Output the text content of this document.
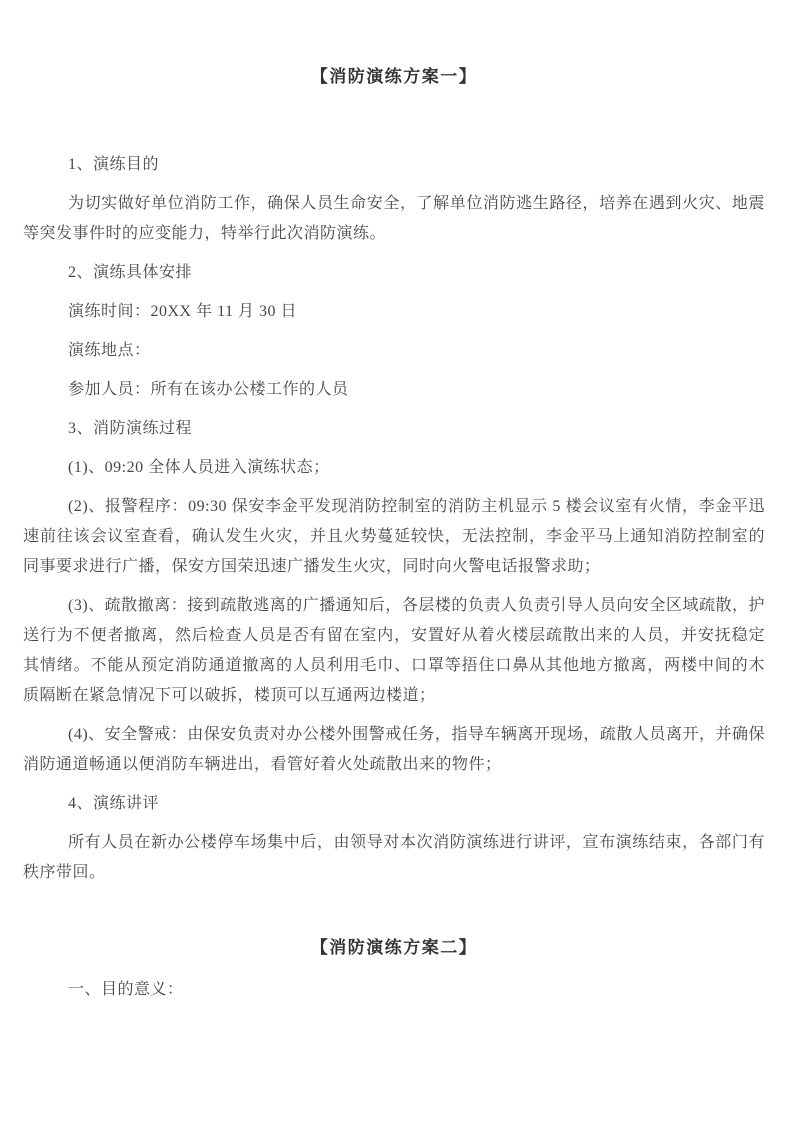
【消防演练方案一】

1、演练目的

为切实做好单位消防工作，确保人员生命安全，了解单位消防逃生路径，培养在遇到火灾、地震等突发事件时的应变能力，特举行此次消防演练。

2、演练具体安排

演练时间：20XX 年 11 月 30 日

演练地点：

参加人员：所有在该办公楼工作的人员

3、消防演练过程

(1)、09:20 全体人员进入演练状态；

(2)、报警程序：09:30 保安李金平发现消防控制室的消防主机显示 5 楼会议室有火情，李金平迅速前往该会议室查看，确认发生火灾，并且火势蔓延较快，无法控制，李金平马上通知消防控制室的同事要求进行广播，保安方国荣迅速广播发生火灾，同时向火警电话报警求助；

(3)、疏散撤离：接到疏散逃离的广播通知后，各层楼的负责人负责引导人员向安全区域疏散，护送行为不便者撤离，然后检查人员是否有留在室内，安置好从着火楼层疏散出来的人员，并安抚稳定其情绪。不能从预定消防通道撤离的人员利用毛巾、口罩等捂住口鼻从其他地方撤离，两楼中间的木质隔断在紧急情况下可以破拆，楼顶可以互通两边楼道；

(4)、安全警戒：由保安负责对办公楼外围警戒任务，指导车辆离开现场，疏散人员离开，并确保消防通道畅通以便消防车辆进出，看管好着火处疏散出来的物件；

4、演练讲评

所有人员在新办公楼停车场集中后，由领导对本次消防演练进行讲评，宣布演练结束，各部门有秩序带回。

【消防演练方案二】

一、目的意义：
